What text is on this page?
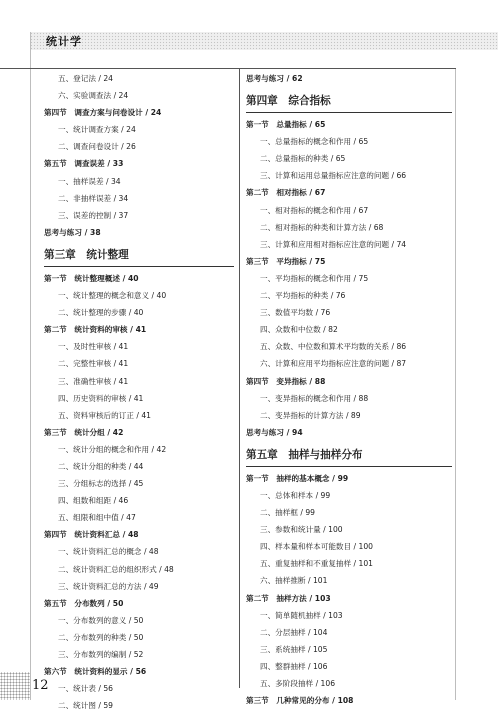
统计学
五、登记法 / 24
六、实验调查法 / 24
第四节　调查方案与问卷设计 / 24
一、统计调查方案 / 24
二、调查问卷设计 / 26
第五节　调查误差 / 33
一、抽样误差 / 34
二、非抽样误差 / 34
三、误差的控制 / 37
思考与练习 / 38
第三章　统计整理
第一节　统计整理概述 / 40
一、统计整理的概念和意义 / 40
二、统计整理的步骤 / 40
第二节　统计资料的审核 / 41
一、及时性审核 / 41
二、完整性审核 / 41
三、准确性审核 / 41
四、历史资料的审核 / 41
五、资料审核后的订正 / 41
第三节　统计分组 / 42
一、统计分组的概念和作用 / 42
二、统计分组的种类 / 44
三、分组标志的选择 / 45
四、组数和组距 / 46
五、组限和组中值 / 47
第四节　统计资料汇总 / 48
一、统计资料汇总的概念 / 48
二、统计资料汇总的组织形式 / 48
三、统计资料汇总的方法 / 49
第五节　分布数列 / 50
一、分布数列的意义 / 50
二、分布数列的种类 / 50
三、分布数列的编制 / 52
第六节　统计资料的显示 / 56
一、统计表 / 56
二、统计图 / 59
思考与练习 / 62
第四章　综合指标
第一节　总量指标 / 65
一、总量指标的概念和作用 / 65
二、总量指标的种类 / 65
三、计算和运用总量指标应注意的问题 / 66
第二节　相对指标 / 67
一、相对指标的概念和作用 / 67
二、相对指标的种类和计算方法 / 68
三、计算和应用相对指标应注意的问题 / 74
第三节　平均指标 / 75
一、平均指标的概念和作用 / 75
二、平均指标的种类 / 76
三、数值平均数 / 76
四、众数和中位数 / 82
五、众数、中位数和算术平均数的关系 / 86
六、计算和应用平均指标应注意的问题 / 87
第四节　变异指标 / 88
一、变异指标的概念和作用 / 88
二、变异指标的计算方法 / 89
思考与练习 / 94
第五章　抽样与抽样分布
第一节　抽样的基本概念 / 99
一、总体和样本 / 99
二、抽样框 / 99
三、参数和统计量 / 100
四、样本量和样本可能数目 / 100
五、重复抽样和不重复抽样 / 101
六、抽样推断 / 101
第二节　抽样方法 / 103
一、简单随机抽样 / 103
二、分层抽样 / 104
三、系统抽样 / 105
四、整群抽样 / 106
五、多阶段抽样 / 106
第三节　几种常见的分布 / 108
12
